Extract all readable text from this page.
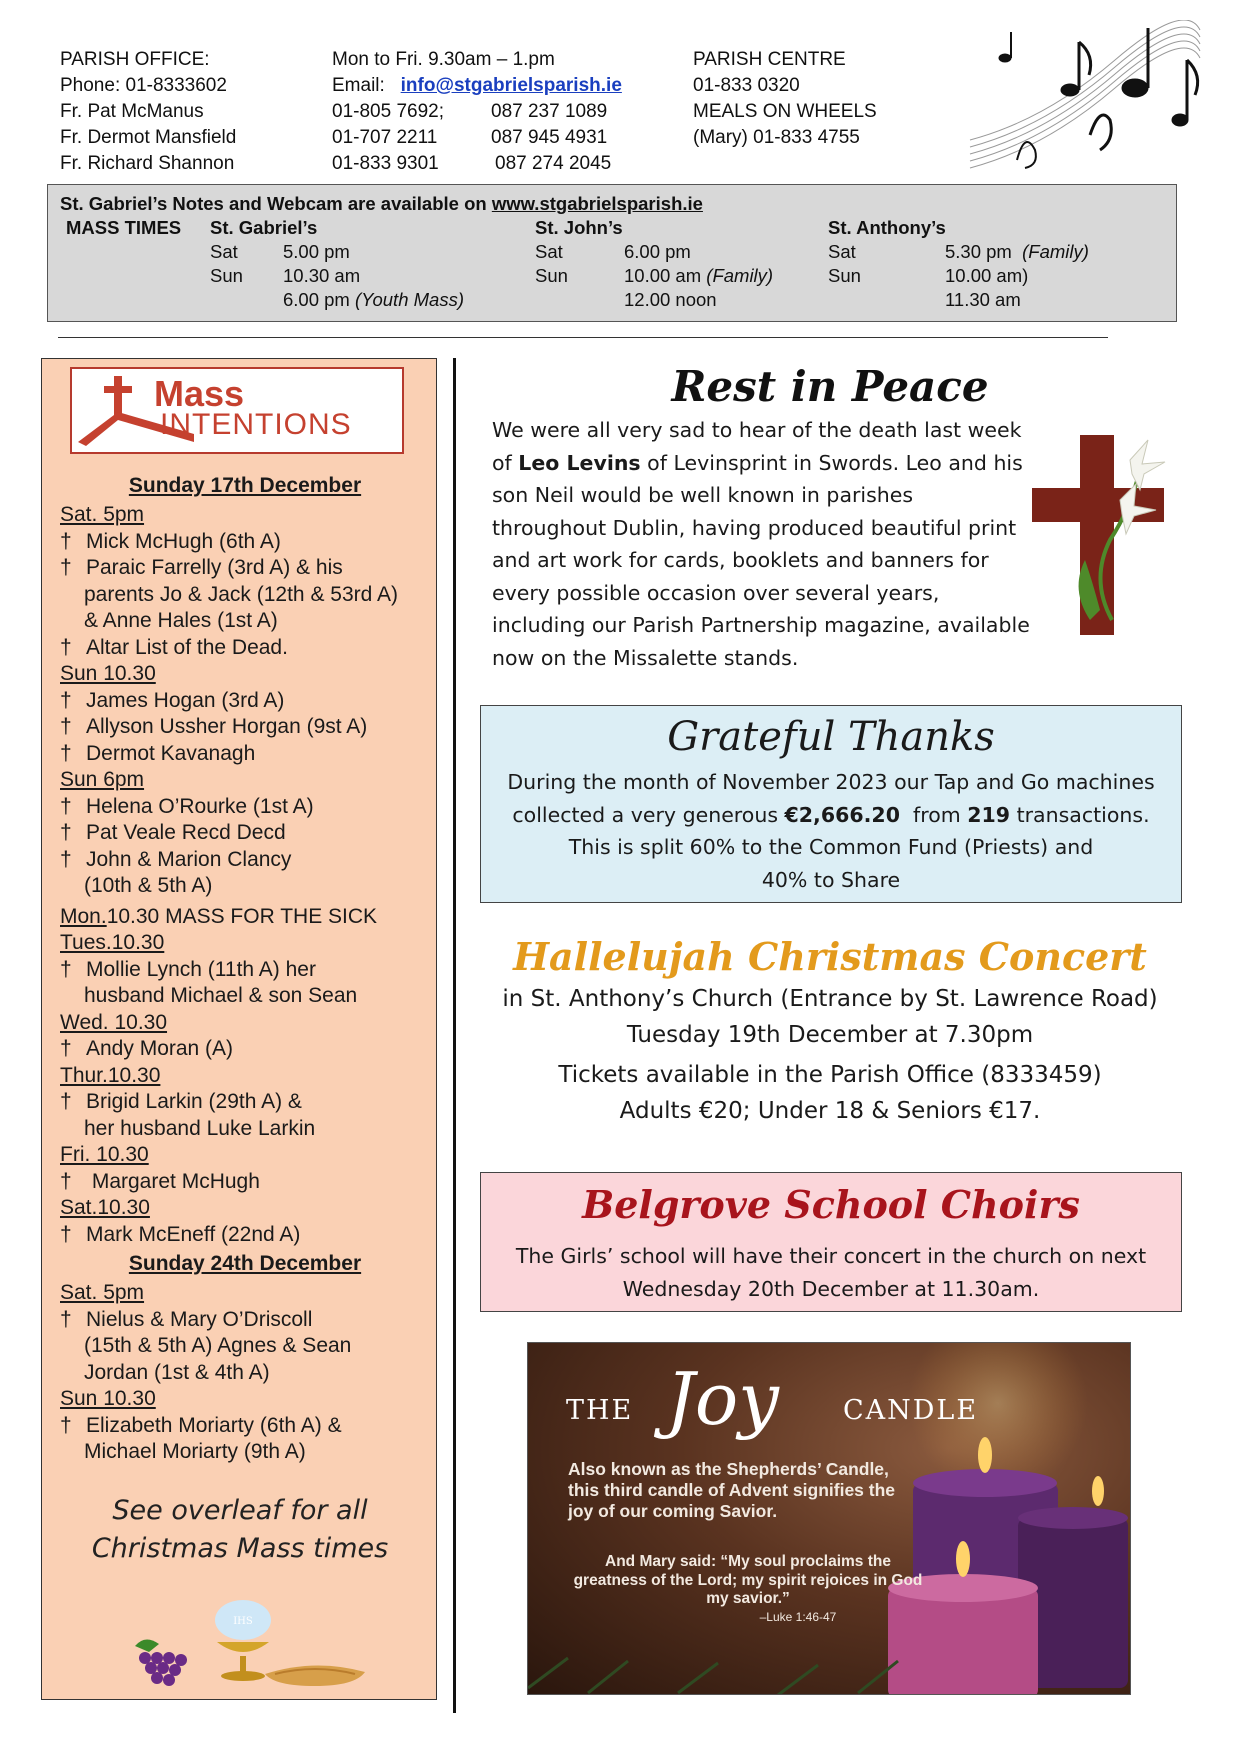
PARISH OFFICE:
Phone: 01-8333602
Fr. Pat McManus
Fr. Dermot Mansfield
Fr. Richard Shannon
Mon to Fri. 9.30am – 1.pm
Email: info@stgabrielsparish.ie
01-805 7692;
01-707 2211
01-833 9301
087 237 1089
087 945 4931
087 274 2045
PARISH CENTRE
01-833 0320
MEALS ON WHEELS
(Mary) 01-833 4755
St. Gabriel’s Notes and Webcam are available on www.stgabrielsparish.ie
MASS TIMES St. Gabriel’s
Sat
Sun
5.00 pm
10.30 am
6.00 pm (Youth Mass)
St. John’s
Sat
Sun
6.00 pm
10.00 am (Family)
12.00 noon
St. Anthony’s
Sat
Sun
5.30 pm (Family)
10.00 am)
11.30 am
Mass
INTENTIONS
Sunday 17th December
Sat. 5pm
† Mick McHugh (6th A)
† Paraic Farrelly (3rd A) & his
parents Jo & Jack (12th & 53rd A)
& Anne Hales (1st A)
† Altar List of the Dead.
Sun 10.30
† James Hogan (3rd A)
† Allyson Ussher Horgan (9st A)
† Dermot Kavanagh
Sun 6pm
† Helena O’Rourke (1st A)
† Pat Veale Recd Decd
† John & Marion Clancy
(10th & 5th A)
Mon.10.30 MASS FOR THE SICK
Tues.10.30
† Mollie Lynch (11th A) her
husband Michael & son Sean
Wed. 10.30
† Andy Moran (A)
Thur.10.30
† Brigid Larkin (29th A) &
her husband Luke Larkin
Fri. 10.30
† Margaret McHugh
Sat.10.30
† Mark McEneff (22nd A)
Sunday 24th December
Sat. 5pm
† Nielus & Mary O’Driscoll
(15th & 5th A) Agnes & Sean
Jordan (1st & 4th A)
Sun 10.30
† Elizabeth Moriarty (6th A) &
Michael Moriarty (9th A)
See overleaf for all
Christmas Mass times
IHS
Rest in Peace
We were all very sad to hear of the death last week of Leo Levins of Levinsprint in Swords. Leo and his son Neil would be well known in parishes throughout Dublin, having produced beautiful print and art work for cards, booklets and banners for every possible occasion over several years, including our Parish Partnership magazine, available now on the Missalette stands.
Grateful Thanks
During the month of November 2023 our Tap and Go machines
collected a very generous €2,666.20 from 219 transactions.
This is split 60% to the Common Fund (Priests) and
40% to Share
Hallelujah Christmas Concert
in St. Anthony’s Church (Entrance by St. Lawrence Road)
Tuesday 19th December at 7.30pm
Tickets available in the Parish Office (8333459)
Adults €20; Under 18 & Seniors €17.
Belgrove School Choirs
The Girls’ school will have their concert in the church on next
Wednesday 20th December at 11.30am.
THE Joy CANDLE
Also known as the Shepherds’ Candle, this third candle of Advent signifies the joy of our coming Savior.
And Mary said: “My soul proclaims the greatness of the Lord; my spirit rejoices in God my savior.”
–Luke 1:46-47
